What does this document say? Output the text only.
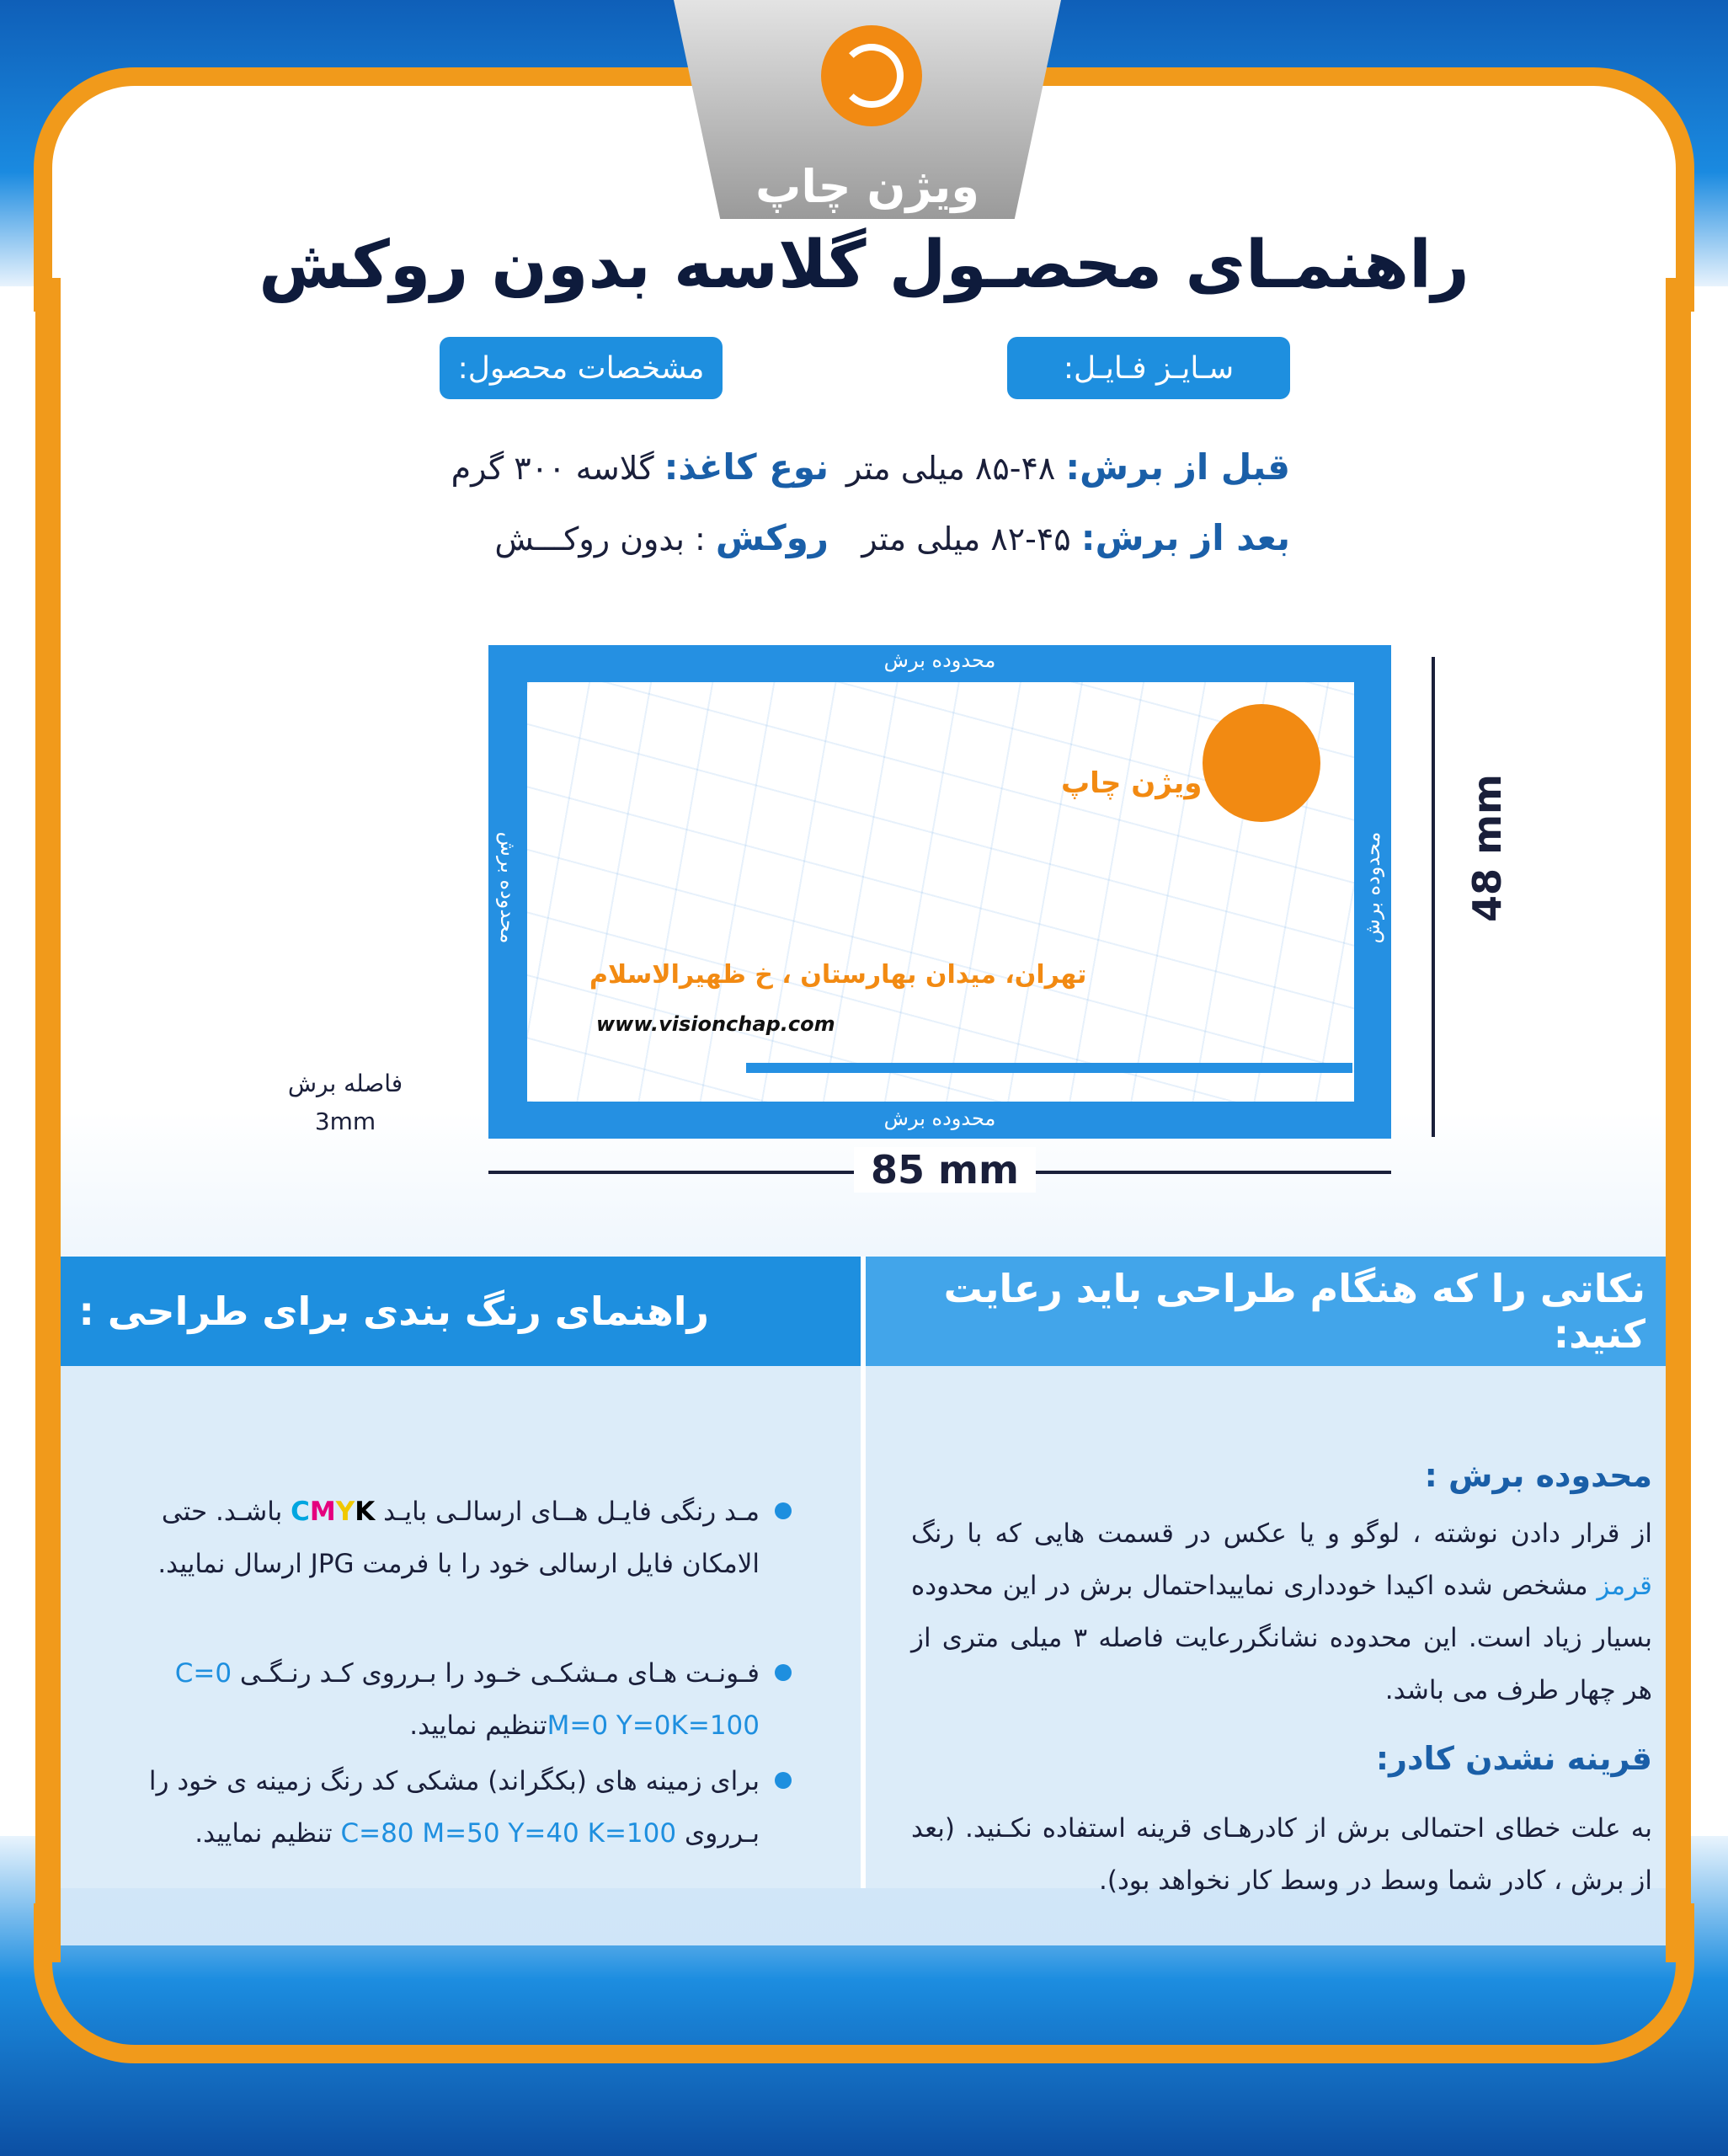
ویژن چاپ
راهنمـای محصـول گلاسه بدون روکش
سـایـز فـایـل:
مشخصات محصول:
قبل از برش: ۴۸-۸۵ میلی متر
بعد از برش: ۴۵-۸۲ میلی متر
نوع کاغذ: گلاسه ۳۰۰ گرم
روکش : بدون روکـــش
محدوده برش
محدوده برش
محدوده برش	محدوده برش
ویژن چاپ
تهران، میدان بهارستان ، خ ظهیرالاسلام
www.visionchap.com
48 mm
85 mm
فاصله برش
3mm
نکاتی را که هنگام طراحی باید رعایت کنید:
راهنمای رنگ بندی برای طراحی :
محدوده برش :
از قرار دادن نوشته ، لوگو و یا عکس در قسمت هایی که با رنگ قرمز مشخص شده اکیدا خودداری نماییداحتمال برش در این محدوده بسیار زیاد است. این محدوده نشانگررعایت فاصله ۳ میلی متری از هر چهار طرف می باشد.
قرینه نشدن کادر:
به علت خطای احتمالی برش از کادرهـای قرینه استفاده نکـنید. (بعد از برش ، کادر شما وسط در وسط کار نخواهد بود).
مـد رنگی فایـل هــای ارسالـی بایـد CMYK باشـد. حتی الامکان فایل ارسالی خود را با فرمت JPG ارسال نمایید.
فـونـت هـای مـشکـی خـود را بـرروی کـد رنـگـی C=0 M=0 Y=0K=100تنظیم نمایید.
برای زمینه های (بکگراند) مشکی کد رنگ زمینه ی خود را بـرروی C=80 M=50 Y=40 K=100 تنظیم نمایید.
